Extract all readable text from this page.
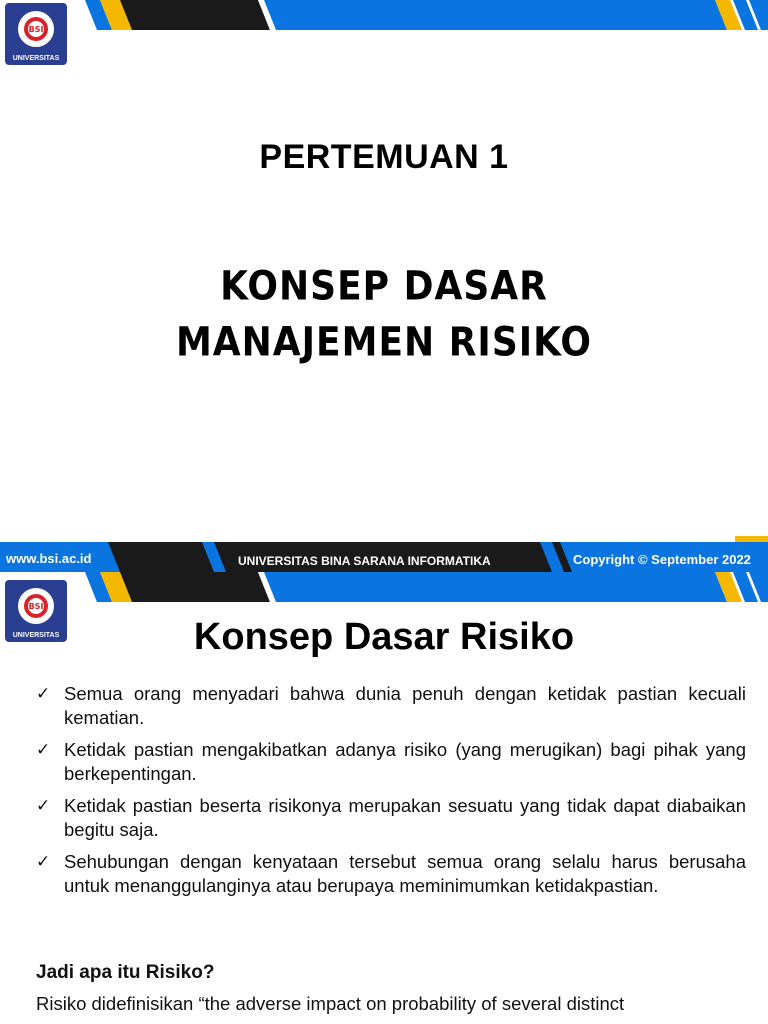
BSI
UNIVERSITAS
PERTEMUAN 1
KONSEP DASAR
MANAJEMEN RISIKO
www.bsi.ac.id	UNIVERSITAS BINA SARANA INFORMATIKA	Copyright © September 2022
BSI
UNIVERSITAS	Konsep Dasar Risiko
✓ Semua orang menyadari bahwa dunia penuh dengan ketidak pastian kecuali kematian.
✓ Ketidak pastian mengakibatkan adanya risiko (yang merugikan) bagi pihak yang berkepentingan.
✓ Ketidak pastian beserta risikonya merupakan sesuatu yang tidak dapat diabaikan begitu saja.
✓ Sehubungan dengan kenyataan tersebut semua orang selalu harus berusaha untuk menanggulanginya atau berupaya meminimumkan ketidakpastian.
Jadi apa itu Risiko?
Risiko didefinisikan “the adverse impact on probability of several distinct
